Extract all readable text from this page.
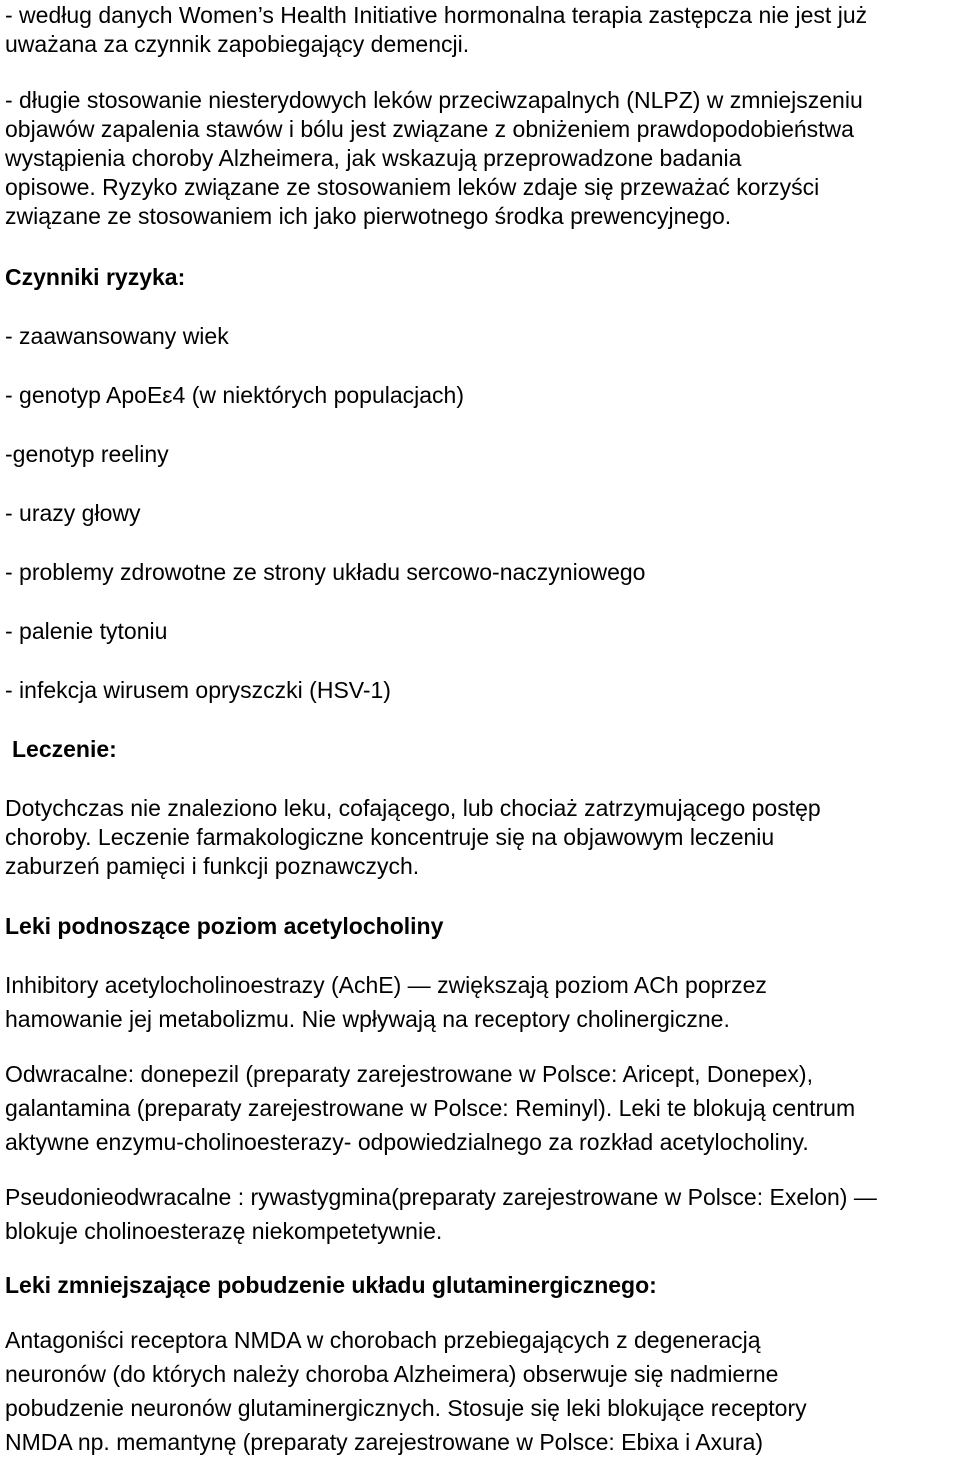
- według danych Women’s Health Initiative hormonalna terapia zastępcza nie jest już
uważana za czynnik zapobiegający demencji.
- długie stosowanie niesterydowych leków przeciwzapalnych (NLPZ) w zmniejszeniu
objawów zapalenia stawów i bólu jest związane z obniżeniem prawdopodobieństwa
wystąpienia choroby Alzheimera, jak wskazują przeprowadzone badania
opisowe. Ryzyko związane ze stosowaniem leków zdaje się przeważać korzyści
związane ze stosowaniem ich jako pierwotnego środka prewencyjnego.
Czynniki ryzyka:
- zaawansowany wiek
- genotyp ApoEε4 (w niektórych populacjach)
-genotyp reeliny
- urazy głowy
- problemy zdrowotne ze strony układu sercowo-naczyniowego
- palenie tytoniu
- infekcja wirusem opryszczki (HSV-1)
Leczenie:
Dotychczas nie znaleziono leku, cofającego, lub chociaż zatrzymującego postęp
choroby. Leczenie farmakologiczne koncentruje się na objawowym leczeniu
zaburzeń pamięci i funkcji poznawczych.
Leki podnoszące poziom acetylocholiny
Inhibitory acetylocholinoestrazy (AchE) — zwiększają poziom ACh poprzez
hamowanie jej metabolizmu. Nie wpływają na receptory cholinergiczne.
Odwracalne: donepezil (preparaty zarejestrowane w Polsce: Aricept, Donepex),
galantamina (preparaty zarejestrowane w Polsce: Reminyl). Leki te blokują centrum
aktywne enzymu-cholinoesterazy- odpowiedzialnego za rozkład acetylocholiny.
Pseudonieodwracalne : rywastygmina(preparaty zarejestrowane w Polsce: Exelon) —
blokuje cholinoesterazę niekompetetywnie.
Leki zmniejszające pobudzenie układu glutaminergicznego:
Antagoniści receptora NMDA w chorobach przebiegających z degeneracją
neuronów (do których należy choroba Alzheimera) obserwuje się nadmierne
pobudzenie neuronów glutaminergicznych. Stosuje się leki blokujące receptory
NMDA np. memantynę (preparaty zarejestrowane w Polsce: Ebixa i Axura)
